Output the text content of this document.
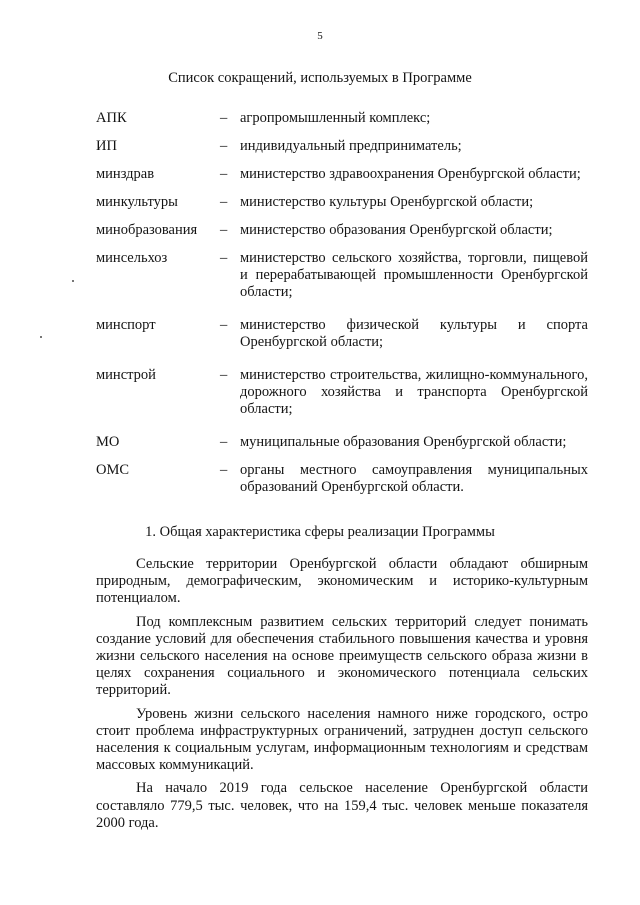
5
Список сокращений, используемых в Программе
АПК	– агропромышленный комплекс;
ИП	– индивидуальный предприниматель;
минздрав	– министерство здравоохранения Оренбургской области;
минкультуры	– министерство культуры Оренбургской области;
минобразования	– министерство образования Оренбургской области;
минсельхоз	– министерство сельского хозяйства, торговли, пищевой и перерабатывающей промышленности Оренбургской области;
минспорт	– министерство физической культуры и спорта Оренбургской области;
минстрой	– министерство строительства, жилищно-коммунального, дорожного хозяйства и транспорта Оренбургской области;
МО	– муниципальные образования Оренбургской области;
ОМС	– органы местного самоуправления муниципальных образований Оренбургской области.
1. Общая характеристика сферы реализации Программы

Сельские территории Оренбургской области обладают обширным природным, демографическим, экономическим и историко-культурным потенциалом.

Под комплексным развитием сельских территорий следует понимать создание условий для обеспечения стабильного повышения качества и уровня жизни сельского населения на основе преимуществ сельского образа жизни в целях сохранения социального и экономического потенциала сельских территорий.

Уровень жизни сельского населения намного ниже городского, остро стоит проблема инфраструктурных ограничений, затруднен доступ сельского населения к социальным услугам, информационным технологиям и средствам массовых коммуникаций.

На начало 2019 года сельское население Оренбургской области составляло 779,5 тыс. человек, что на 159,4 тыс. человек меньше показателя 2000 года.
